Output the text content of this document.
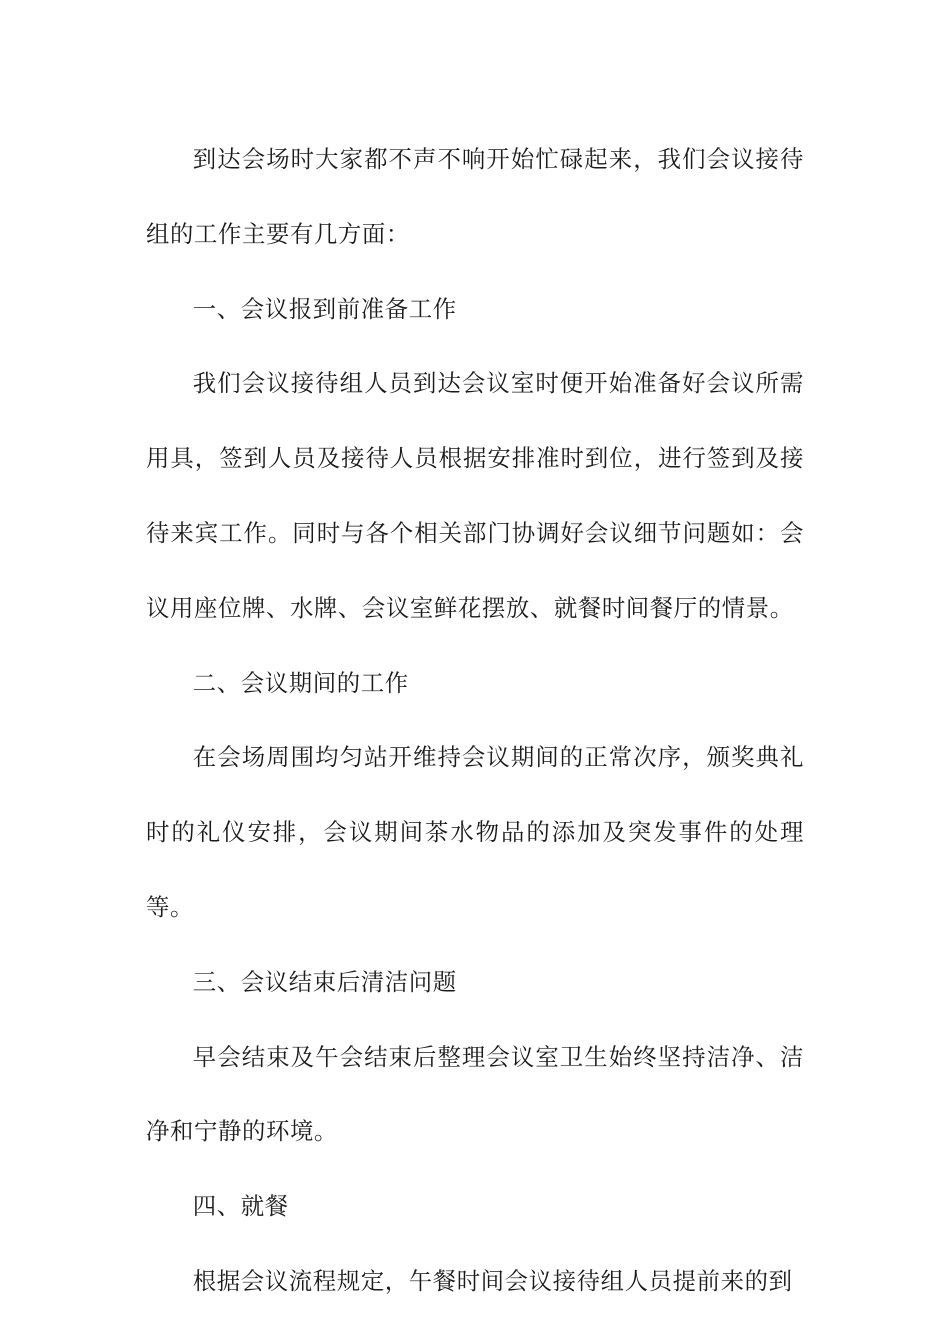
到达会场时大家都不声不响开始忙碌起来，我们会议接待组的工作主要有几方面：

一、会议报到前准备工作

我们会议接待组人员到达会议室时便开始准备好会议所需用具，签到人员及接待人员根据安排准时到位，进行签到及接待来宾工作。同时与各个相关部门协调好会议细节问题如：会议用座位牌、水牌、会议室鲜花摆放、就餐时间餐厅的情景。

二、会议期间的工作

在会场周围均匀站开维持会议期间的正常次序，颁奖典礼时的礼仪安排，会议期间茶水物品的添加及突发事件的处理等。

三、会议结束后清洁问题

早会结束及午会结束后整理会议室卫生始终坚持洁净、洁净和宁静的环境。

四、就餐

根据会议流程规定，午餐时间会议接待组人员提前来的到
